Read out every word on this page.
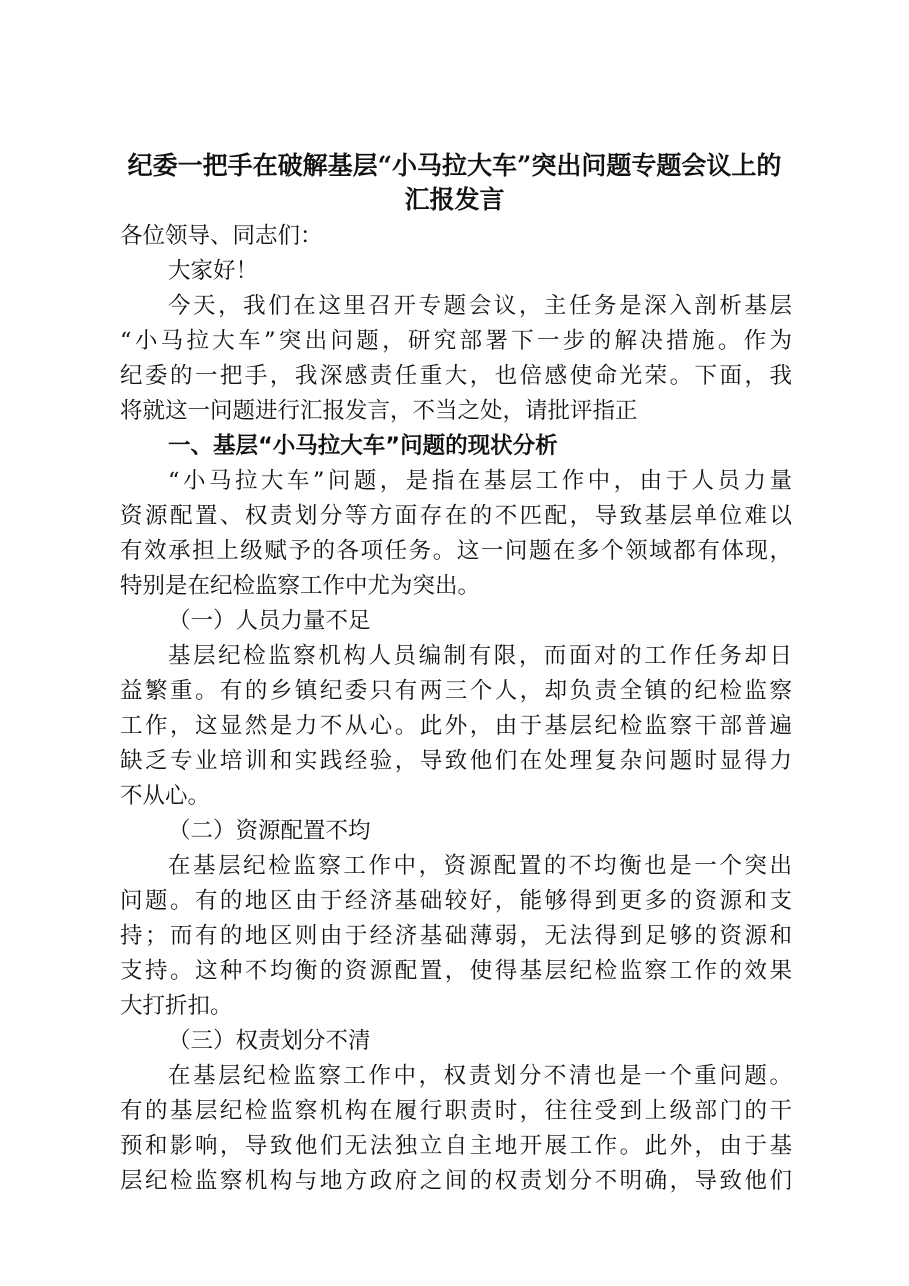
纪委一把手在破解基层“小马拉大车”突出问题专题会议上的
汇报发言
各位领导、同志们：
大家好！
今天，我们在这里召开专题会议，主任务是深入剖析基层
“小马拉大车”突出问题，研究部署下一步的解决措施。作为
纪委的一把手，我深感责任重大，也倍感使命光荣。下面，我
将就这一问题进行汇报发言，不当之处，请批评指正
一、基层“小马拉大车”问题的现状分析
“小马拉大车”问题，是指在基层工作中，由于人员力量
资源配置、权责划分等方面存在的不匹配，导致基层单位难以
有效承担上级赋予的各项任务。这一问题在多个领域都有体现，
特别是在纪检监察工作中尤为突出。
（一）人员力量不足
基层纪检监察机构人员编制有限，而面对的工作任务却日
益繁重。有的乡镇纪委只有两三个人，却负责全镇的纪检监察
工作，这显然是力不从心。此外，由于基层纪检监察干部普遍
缺乏专业培训和实践经验，导致他们在处理复杂问题时显得力
不从心。
（二）资源配置不均
在基层纪检监察工作中，资源配置的不均衡也是一个突出
问题。有的地区由于经济基础较好，能够得到更多的资源和支
持；而有的地区则由于经济基础薄弱，无法得到足够的资源和
支持。这种不均衡的资源配置，使得基层纪检监察工作的效果
大打折扣。
（三）权责划分不清
在基层纪检监察工作中，权责划分不清也是一个重问题。
有的基层纪检监察机构在履行职责时，往往受到上级部门的干
预和影响，导致他们无法独立自主地开展工作。此外，由于基
层纪检监察机构与地方政府之间的权责划分不明确，导致他们
